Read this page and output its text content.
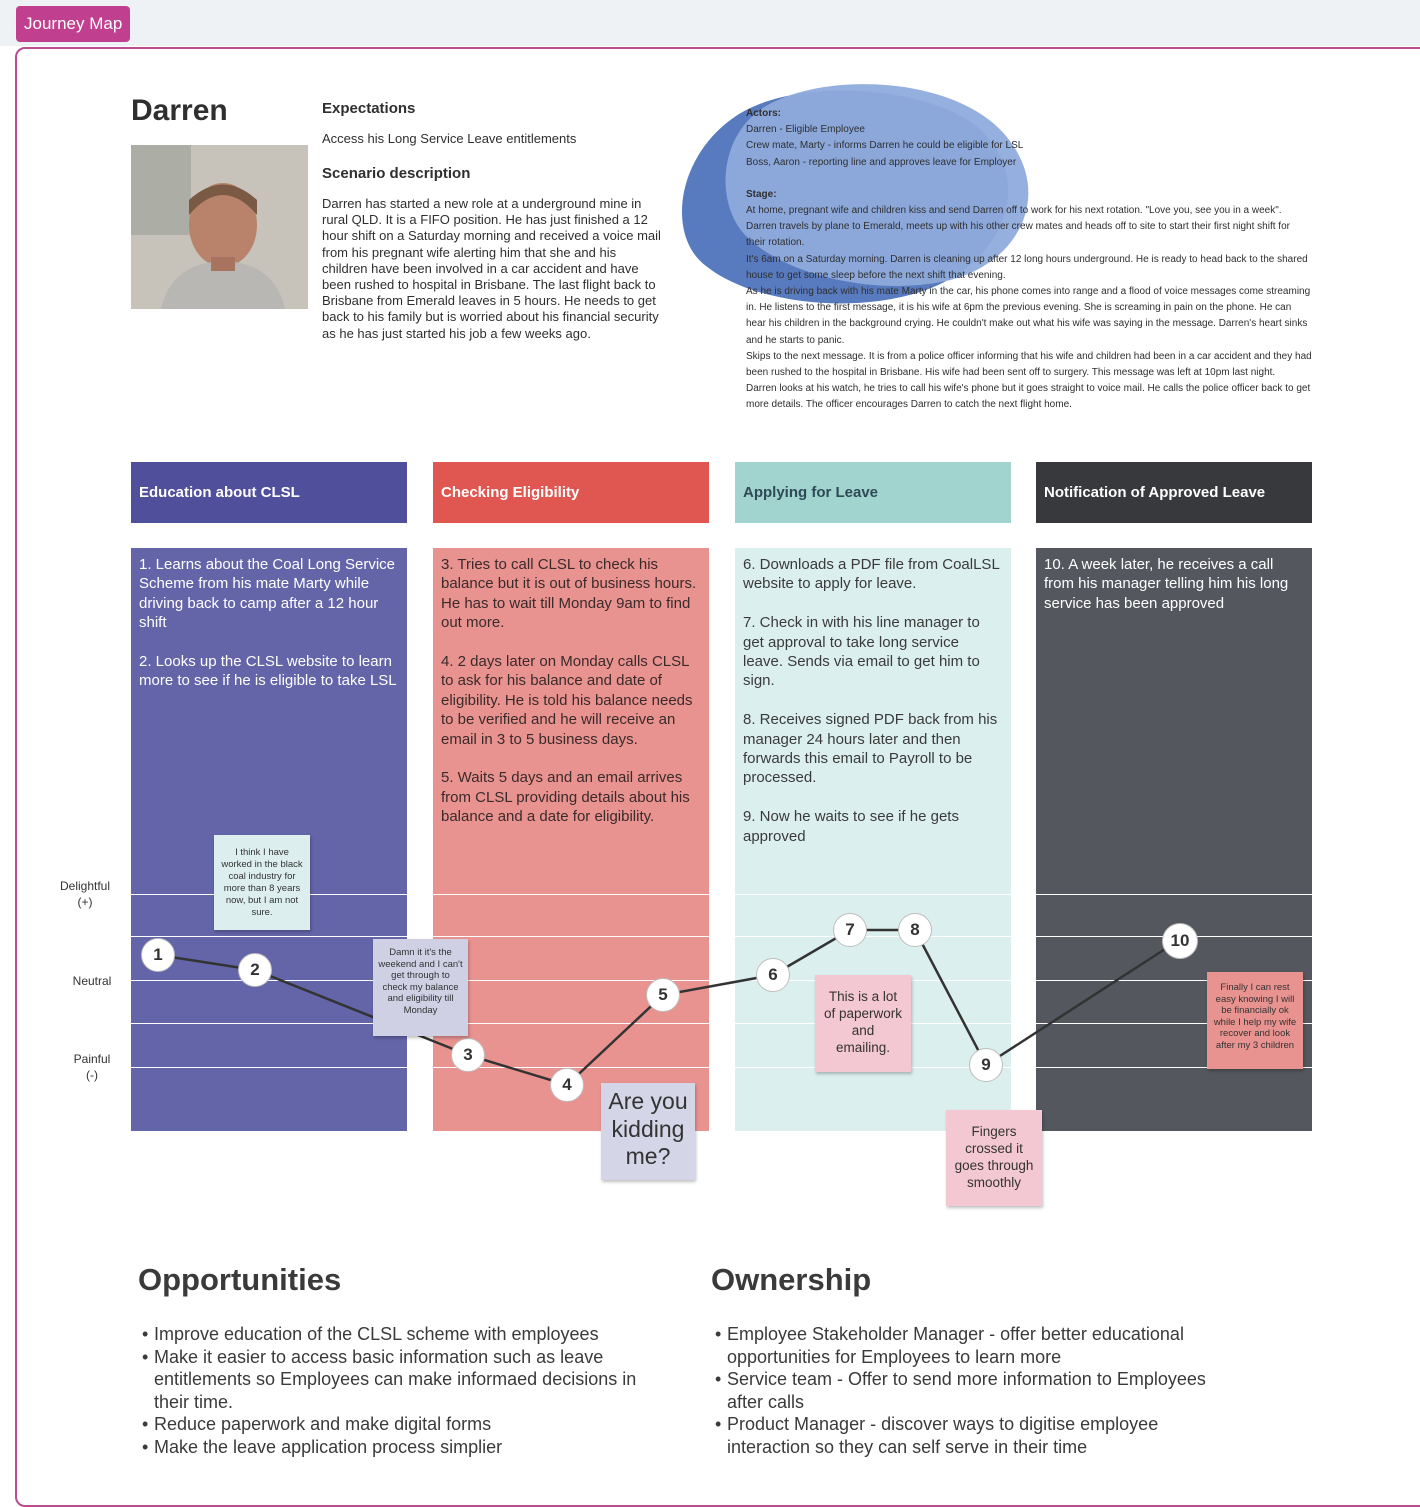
Journey Map
Darren	Expectations
Access his Long Service Leave entitlements
Scenario description
Darren has started a new role at a underground mine in rural QLD. It is a FIFO position. He has just finished a 12 hour shift on a Saturday morning and received a voice mail from his pregnant wife alerting him that she and his children have been involved in a car accident and have been rushed to hospital in Brisbane. The last flight back to Brisbane from Emerald leaves in 5 hours. He needs to get back to his family but is worried about his financial security as he has just started his job a few weeks ago.

Actors:

Darren - Eligible Employee

Crew mate, Marty - informs Darren he could be eligible for LSL

Boss, Aaron - reporting line and approves leave for Employer

Stage:

At home, pregnant wife and children kiss and send Darren off to work for his next rotation. "Love you, see you in a week".

Darren travels by plane to Emerald, meets up with his other crew mates and heads off to site to start their first night shift for their rotation.

It's 6am on a Saturday morning. Darren is cleaning up after 12 long hours underground. He is ready to head back to the shared house to get some sleep before the next shift that evening.

As he is driving back with his mate Marty in the car, his phone comes into range and a flood of voice messages come streaming in. He listens to the first message, it is his wife at 6pm the previous evening. She is screaming in pain on the phone. He can hear his children in the background crying. He couldn't make out what his wife was saying in the message. Darren's heart sinks and he starts to panic.

Skips to the next message. It is from a police officer informing that his wife and children had been in a car accident and they had been rushed to the hospital in Brisbane. His wife had been sent off to surgery. This message was left at 10pm last night.

Darren looks at his watch, he tries to call his wife's phone but it goes straight to voice mail. He calls the police officer back to get more details. The officer encourages Darren to catch the next flight home.

Education about CLSL	Checking Eligibility	Applying for Leave	Notification of Approved Leave

1. Learns about the Coal Long Service Scheme from his mate Marty while driving back to camp after a 12 hour shift

2. Looks up the CLSL website to learn more to see if he is eligible to take LSL

3. Tries to call CLSL to check his balance but it is out of business hours. He has to wait till Monday 9am to find out more.

4. 2 days later on Monday calls CLSL to ask for his balance and date of eligibility. He is told his balance needs to be verified and he will receive an email in 3 to 5 business days.

5. Waits 5 days and an email arrives from CLSL providing details about his balance and a date for eligibility.

6. Downloads a PDF file from CoalLSL website to apply for leave.

7. Check in with his line manager to get approval to take long service leave. Sends via email to get him to sign.

8. Receives signed PDF back from his manager 24 hours later and then forwards this email to Payroll to be processed.

9. Now he waits to see if he gets approved

10. A week later, he receives a call from his manager telling him his long service has been approved

Delightful
(+)
Neutral
Painful
(-)
1
2
3
4
5
6
7	8
9
10
I think I have worked in the black coal industry for more than 8 years now, but I am not sure.
Damn it it's the weekend and I can't get through to check my balance and eligibility till Monday
Are you kidding me?
This is a lot of paperwork and emailing.
Fingers crossed it goes through smoothly
Finally I can rest easy knowing I will be financially ok while I help my wife recover and look after my 3 children
Opportunities
• Improve education of the CLSL scheme with employees
• Make it easier to access basic information such as leave entitlements so Employees can make informaed decisions in their time.
• Reduce paperwork and make digital forms
• Make the leave application process simplier
Ownership
• Employee Stakeholder Manager - offer better educational opportunities for Employees to learn more
• Service team - Offer to send more information to Employees after calls
• Product Manager - discover ways to digitise employee interaction so they can self serve in their time
